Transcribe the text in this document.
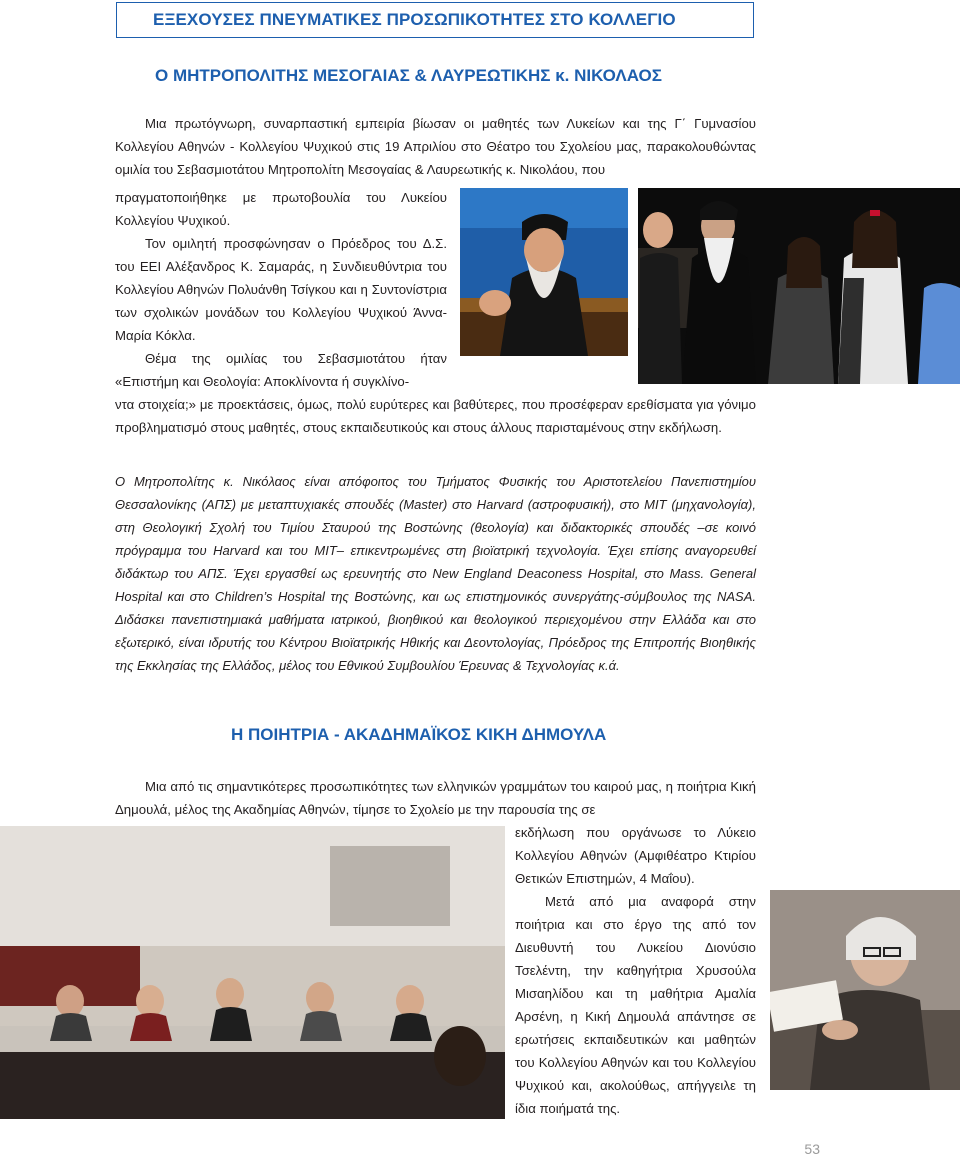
ΕΞΕΧΟΥΣΕΣ ΠΝΕΥΜΑΤΙΚΕΣ ΠΡΟΣΩΠΙΚΟΤΗΤΕΣ ΣΤΟ ΚΟΛΛΕΓΙΟ
Ο ΜΗΤΡΟΠΟΛΙΤΗΣ ΜΕΣΟΓΑΙΑΣ & ΛΑΥΡΕΩΤΙΚΗΣ κ. ΝΙΚΟΛΑΟΣ

Μια πρωτόγνωρη, συναρπαστική εμπειρία βίωσαν οι μαθητές των Λυκείων και της Γ΄ Γυμνασίου Κολλεγίου Αθηνών - Κολλεγίου Ψυχικού στις 19 Απριλίου στο Θέατρο του Σχολείου μας, παρακολουθώντας ομιλία του Σεβασμιοτάτου Μητροπολίτη Μεσογαίας & Λαυρεωτικής κ. Νικολάου, που

πραγματοποιήθηκε με πρωτοβουλία του Λυκείου Κολλεγίου Ψυχικού.

Τον ομιλητή προσφώνησαν ο Πρόεδρος του Δ.Σ. του ΕΕΙ Αλέξανδρος Κ. Σαμαράς, η Συνδιευθύντρια του Κολλεγίου Αθηνών Πολυάνθη Τσίγκου και η Συντονίστρια των σχολικών μονάδων του Κολλεγίου Ψυχικού Άννα-Μαρία Κόκλα.

Θέμα της ομιλίας του Σεβασμιοτάτου ήταν «Επιστήμη και Θεολογία: Αποκλίνοντα ή συγκλίνο-

ντα στοιχεία;» με προεκτάσεις, όμως, πολύ ευρύτερες και βαθύτερες, που προσέφεραν ερεθίσματα για γόνιμο προβληματισμό στους μαθητές, στους εκπαιδευτικούς και στους άλλους παρισταμένους στην εκδήλωση.

Ο Μητροπολίτης κ. Νικόλαος είναι απόφοιτος του Τμήματος Φυσικής του Αριστοτελείου Πανεπιστημίου Θεσσαλονίκης (ΑΠΣ) με μεταπτυχιακές σπουδές (Master) στο Harvard (αστροφυσική), στο MIT (μηχανολογία), στη Θεολογική Σχολή του Τιμίου Σταυρού της Βοστώνης (θεολογία) και διδακτορικές σπουδές –σε κοινό πρόγραμμα του Harvard και του MIT– επικεντρωμένες στη βιοϊατρική τεχνολογία. Έχει επίσης αναγορευθεί διδάκτωρ του ΑΠΣ. Έχει εργασθεί ως ερευνητής στο New England Deaconess Hospital, στο Mass. General Hospital και στο Children’s Hospital της Βοστώνης, και ως επιστημονικός συνεργάτης-σύμβουλος της NASA. Διδάσκει πανεπιστημιακά μαθήματα ιατρικού, βιοηθικού και θεολογικού περιεχομένου στην Ελλάδα και στο εξωτερικό, είναι ιδρυτής του Κέντρου Βιοϊατρικής Ηθικής και Δεοντολογίας, Πρόεδρος της Επιτροπής Βιοηθικής της Εκκλησίας της Ελλάδος, μέλος του Εθνικού Συμβουλίου Έρευνας & Τεχνολογίας κ.ά.

Η ΠΟΙΗΤΡΙΑ - ΑΚΑΔΗΜΑΪΚΟΣ ΚΙΚΗ ΔΗΜΟΥΛΑ

Μια από τις σημαντικότερες προσωπικότητες των ελληνικών γραμμάτων του καιρού μας, η ποιήτρια Κική Δημουλά, μέλος της Ακαδημίας Αθηνών, τίμησε το Σχολείο με την παρουσία της σε

εκδήλωση που οργάνωσε το Λύκειο Κολλεγίου Αθηνών (Αμφιθέατρο Κτιρίου Θετικών Επιστημών, 4 Μαΐου).

Μετά από μια αναφορά στην ποιήτρια και στο έργο της από τον Διευθυντή του Λυκείου Διονύσιο Τσελέντη, την καθηγήτρια Χρυσούλα Μισαηλίδου και τη μαθήτρια Αμαλία Αρσένη, η Κική Δημουλά απάντησε σε ερωτήσεις εκπαιδευτικών και μαθητών του Κολλεγίου Αθηνών και του Κολλεγίου Ψυχικού και, ακολούθως, απήγγειλε τη ίδια ποιήματά της.

53
